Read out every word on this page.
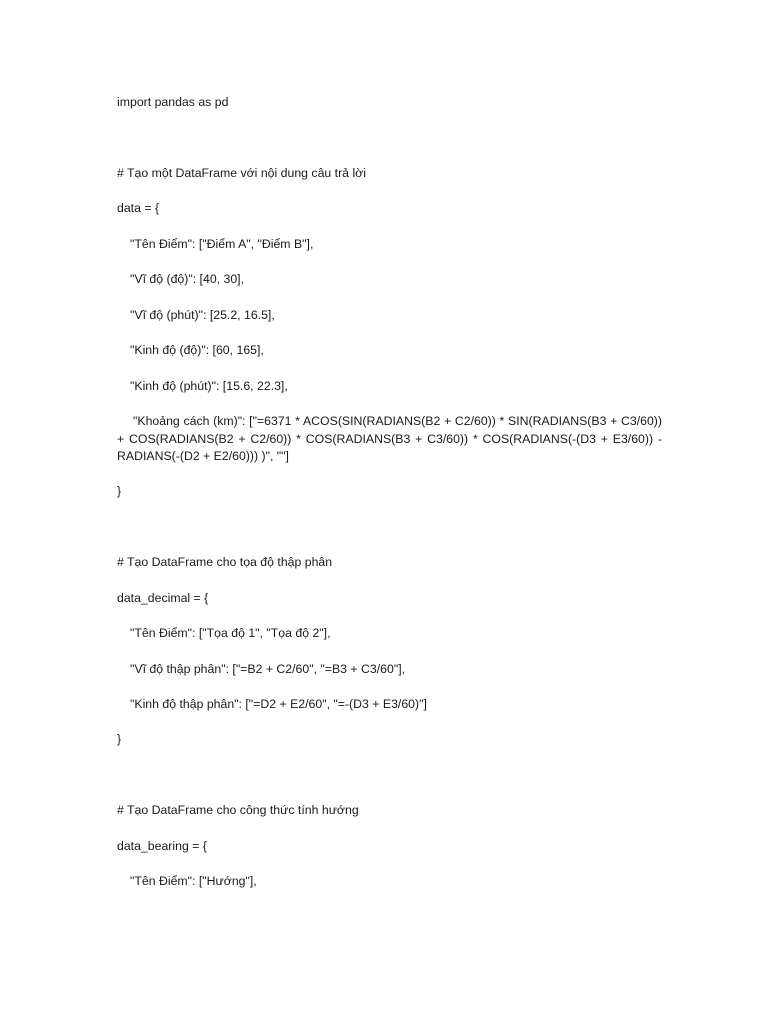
import pandas as pd
# Tạo một DataFrame với nội dung câu trả lời
data = {
"Tên Điểm": ["Điểm A", "Điểm B"],
"Vĩ độ (độ)": [40, 30],
"Vĩ độ (phút)": [25.2, 16.5],
"Kinh độ (độ)": [60, 165],
"Kinh độ (phút)": [15.6, 22.3],
"Khoảng cách (km)": ["=6371 * ACOS(SIN(RADIANS(B2 + C2/60)) * SIN(RADIANS(B3 + C3/60)) + COS(RADIANS(B2 + C2/60)) * COS(RADIANS(B3 + C3/60)) * COS(RADIANS(-(D3 + E3/60)) - RADIANS(-(D2 + E2/60))) )", ""]
}
# Tạo DataFrame cho tọa độ thập phân
data_decimal = {
"Tên Điểm": ["Tọa độ 1", "Tọa độ 2"],
"Vĩ độ thập phân": ["=B2 + C2/60", "=B3 + C3/60"],
"Kinh độ thập phân": ["=D2 + E2/60", "=-(D3 + E3/60)"]
}
# Tạo DataFrame cho công thức tính hướng
data_bearing = {
"Tên Điểm": ["Hướng"],
